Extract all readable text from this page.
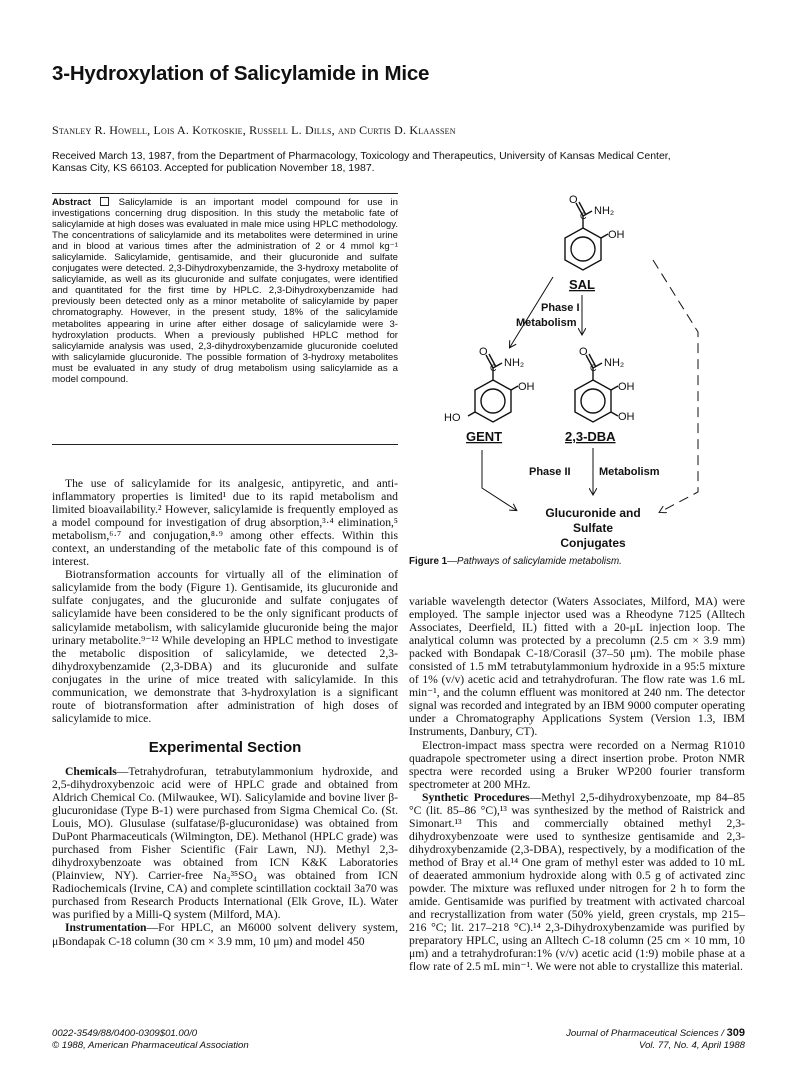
3-Hydroxylation of Salicylamide in Mice
Stanley R. Howell, Lois A. Kotkoskie, Russell L. Dills, and Curtis D. Klaassen
Received March 13, 1987, from the Department of Pharmacology, Toxicology and Therapeutics, University of Kansas Medical Center,
Kansas City, KS 66103. Accepted for publication November 18, 1987.
Abstract	Salicylamide is an important model compound for use in investigations concerning drug disposition. In this study the metabolic fate of salicylamide at high doses was evaluated in male mice using HPLC methodology. The concentrations of salicylamide and its metabolites were determined in urine and in blood at various times after the administration of 2 or 4 mmol kg⁻¹ salicylamide. Salicylamide, gentisamide, and their glucuronide and sulfate conjugates were detected. 2,3-Dihydroxybenzamide, the 3-hydroxy metabolite of salicylamide, as well as its glucuronide and sulfate conjugates, were identified and quantitated for the first time by HPLC. 2,3-Dihydroxybenzamide had previously been detected only as a minor metabolite of salicylamide by paper chromatography. However, in the present study, 18% of the salicylamide metabolites appearing in urine after either dosage of salicylamide were 3-hydroxylation products. When a previously published HPLC method for salicylamide analysis was used, 2,3-dihydroxybenzamide glucuronide coeluted with salicylamide glucuronide. The possible formation of 3-hydroxy metabolites must be evaluated in any study of drug metabolism using salicylamide as a model compound.

The use of salicylamide for its analgesic, antipyretic, and anti-inflammatory properties is limited¹ due to its rapid metabolism and limited bioavailability.² However, salicylamide is frequently employed as a model compound for investigation of drug absorption,³·⁴ elimination,⁵ metabolism,⁶·⁷ and conjugation,⁸·⁹ among other effects. Within this context, an understanding of the metabolic fate of this compound is of interest.

Biotransformation accounts for virtually all of the elimination of salicylamide from the body (Figure 1). Gentisamide, its glucuronide and sulfate conjugates, and the glucuronide and sulfate conjugates of salicylamide have been considered to be the only significant products of salicylamide metabolism, with salicylamide glucuronide being the major urinary metabolite.⁹⁻¹² While developing an HPLC method to investigate the metabolic disposition of salicylamide, we detected 2,3-dihydroxybenzamide (2,3-DBA) and its glucuronide and sulfate conjugates in the urine of mice treated with salicylamide. In this communication, we demonstrate that 3-hydroxylation is a significant route of biotransformation after administration of high doses of salicylamide to mice.

Experimental Section

Chemicals—Tetrahydrofuran, tetrabutylammonium hydroxide, and 2,5-dihydroxybenzoic acid were of HPLC grade and obtained from Aldrich Chemical Co. (Milwaukee, WI). Salicylamide and bovine liver β-glucuronidase (Type B-1) were purchased from Sigma Chemical Co. (St. Louis, MO). Glusulase (sulfatase/β-glucuronidase) was obtained from DuPont Pharmaceuticals (Wilmington, DE). Methanol (HPLC grade) was purchased from Fisher Scientific (Fair Lawn, NJ). Methyl 2,3-dihydroxybenzoate was obtained from ICN K&K Laboratories (Plainview, NY). Carrier-free Na₂³⁵SO₄ was obtained from ICN Radiochemicals (Irvine, CA) and complete scintillation cocktail 3a70 was purchased from Research Products International (Elk Grove, IL). Water was purified by a Milli-Q system (Milford, MA).

Instrumentation—For HPLC, an M6000 solvent delivery system, μBondapak C-18 column (30 cm × 3.9 mm, 10 μm) and model 450

O
C NH₂
OH
SAL
Phase I
Metabolism
O
C NH₂
OH
HO
GENT
O
C NH₂
OH
OH
2,3-DBA
Phase II	Metabolism
Glucuronide and
Sulfate
Conjugates
Figure 1—Pathways of salicylamide metabolism.

variable wavelength detector (Waters Associates, Milford, MA) were employed. The sample injector used was a Rheodyne 7125 (Alltech Associates, Deerfield, IL) fitted with a 20-μL injection loop. The analytical column was protected by a precolumn (2.5 cm × 3.9 mm) packed with Bondapak C-18/Corasil (37–50 μm). The mobile phase consisted of 1.5 mM tetrabutylammonium hydroxide in a 95:5 mixture of 1% (v/v) acetic acid and tetrahydrofuran. The flow rate was 1.6 mL min⁻¹, and the column effluent was monitored at 240 nm. The detector signal was recorded and integrated by an IBM 9000 computer operating under a Chromatography Applications System (Version 1.3, IBM Instruments, Danbury, CT).

Electron-impact mass spectra were recorded on a Nermag R1010 quadrapole spectrometer using a direct insertion probe. Proton NMR spectra were recorded using a Bruker WP200 fourier transform spectrometer at 200 MHz.

Synthetic Procedures—Methyl 2,5-dihydroxybenzoate, mp 84–85 °C (lit. 85–86 °C),¹³ was synthesized by the method of Raistrick and Simonart.¹³ This and commercially obtained methyl 2,3-dihydroxybenzoate were used to synthesize gentisamide and 2,3-dihydroxybenzamide (2,3-DBA), respectively, by a modification of the method of Bray et al.¹⁴ One gram of methyl ester was added to 10 mL of deaerated ammonium hydroxide along with 0.5 g of activated zinc powder. The mixture was refluxed under nitrogen for 2 h to form the amide. Gentisamide was purified by treatment with activated charcoal and recrystallization from water (50% yield, green crystals, mp 215–216 °C; lit. 217–218 °C).¹⁴ 2,3-Dihydroxybenzamide was purified by preparatory HPLC, using an Alltech C-18 column (25 cm × 10 mm, 10 μm) and a tetrahydrofuran:1% (v/v) acetic acid (1:9) mobile phase at a flow rate of 2.5 mL min⁻¹. We were not able to crystallize this material.

0022-3549/88/0400-0309$01.00/0
© 1988, American Pharmaceutical Association
Journal of Pharmaceutical Sciences / 309
Vol. 77, No. 4, April 1988
